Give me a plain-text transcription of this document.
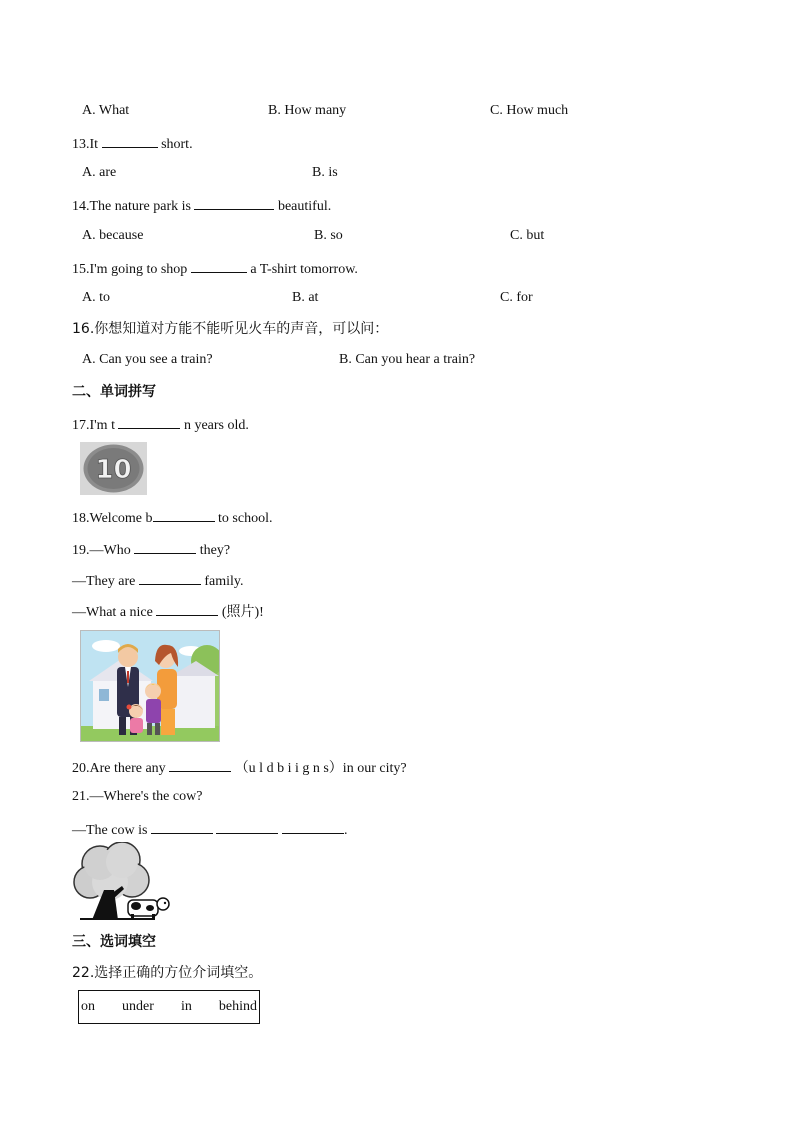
A. What	B. How many	C. How much
13.It	short.
A. are	B. is
14.The nature park is	beautiful.
A. because	B. so	C. but
15.I'm going to shop	a T-shirt tomorrow.
A. to	B. at	C. for
16.你想知道对方能不能听见火车的声音，可以问：
A. Can you see a train?	B. Can you hear a train?
二、单词拼写
17.I'm t	n years old.
10
18.Welcome b	to school.
19.—Who	they?
—They are	family.
—What a nice	(照片)!
20.Are there any	（u l d b i i g n s）in our city?
21.—Where's the cow?
—The cow is	.
三、选词填空
22.选择正确的方位介词填空。
on under in behind
